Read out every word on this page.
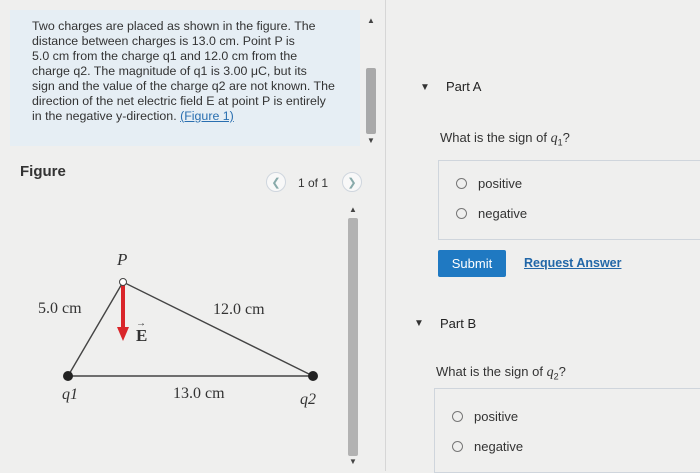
Two charges are placed as shown in the figure. The

distance between charges is 13.0 cm. Point P is

5.0 cm from the charge q1 and 12.0 cm from the

charge q2. The magnitude of q1 is 3.00 μC, but its

sign and the value of the charge q2 are not known. The

direction of the net electric field E at point P is entirely

in the negative y-direction. (Figure 1)

▲
▼
Figure
❮	1 of 1	❯
P
5.0 cm	12.0 cm
13.0 cm
E
→
q1	q2
▲
▼
▼ Part A
What is the sign of $q_1$?
positive
negative
Submit	Request Answer
▼ Part B
What is the sign of $q_2$?
positive
negative
